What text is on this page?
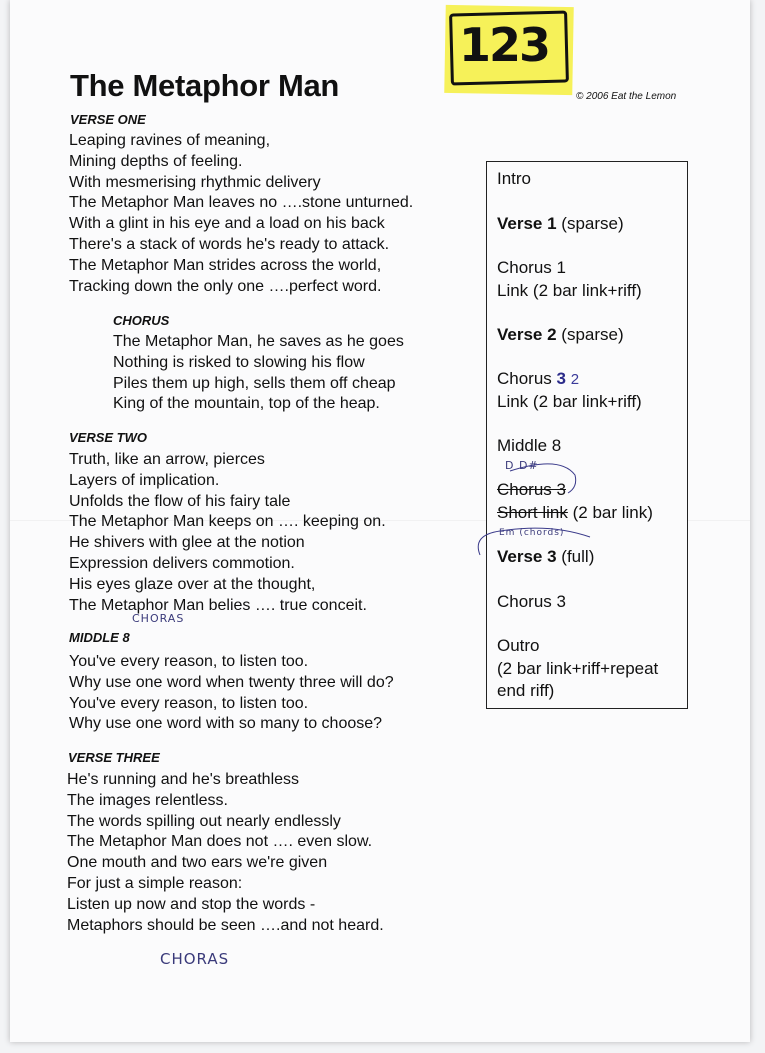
123
The Metaphor Man	© 2006 Eat the Lemon
VERSE ONE
Leaping ravines of meaning,
Mining depths of feeling.
With mesmerising rhythmic delivery
The Metaphor Man leaves no ….stone unturned.
With a glint in his eye and a load on his back
There's a stack of words he's ready to attack.
The Metaphor Man strides across the world,
Tracking down the only one ….perfect word.
CHORUS
The Metaphor Man, he saves as he goes
Nothing is risked to slowing his flow
Piles them up high, sells them off cheap
King of the mountain, top of the heap.
VERSE TWO
Truth, like an arrow, pierces
Layers of implication.
Unfolds the flow of his fairy tale
The Metaphor Man keeps on …. keeping on.
He shivers with glee at the notion
Expression delivers commotion.
His eyes glaze over at the thought,
The Metaphor Man belies …. true conceit.
CHORAS
MIDDLE 8
You've every reason, to listen too.
Why use one word when twenty three will do?
You've every reason, to listen too.
Why use one word with so many to choose?
VERSE THREE
He's running and he's breathless
The images relentless.
The words spilling out nearly endlessly
The Metaphor Man does not …. even slow.
One mouth and two ears we're given
For just a simple reason:
Listen up now and stop the words -
Metaphors should be seen ….and not heard.
CHORAS
Intro
Verse 1 (sparse)
Chorus 1
Link (2 bar link+riff)
Verse 2 (sparse)
Chorus 3 2
Link (2 bar link+riff)
Middle 8
D D#
Chorus 3
Short link (2 bar link)
Em (chords)
Verse 3 (full)
Chorus 3
Outro
(2 bar link+riff+repeat
end riff)
